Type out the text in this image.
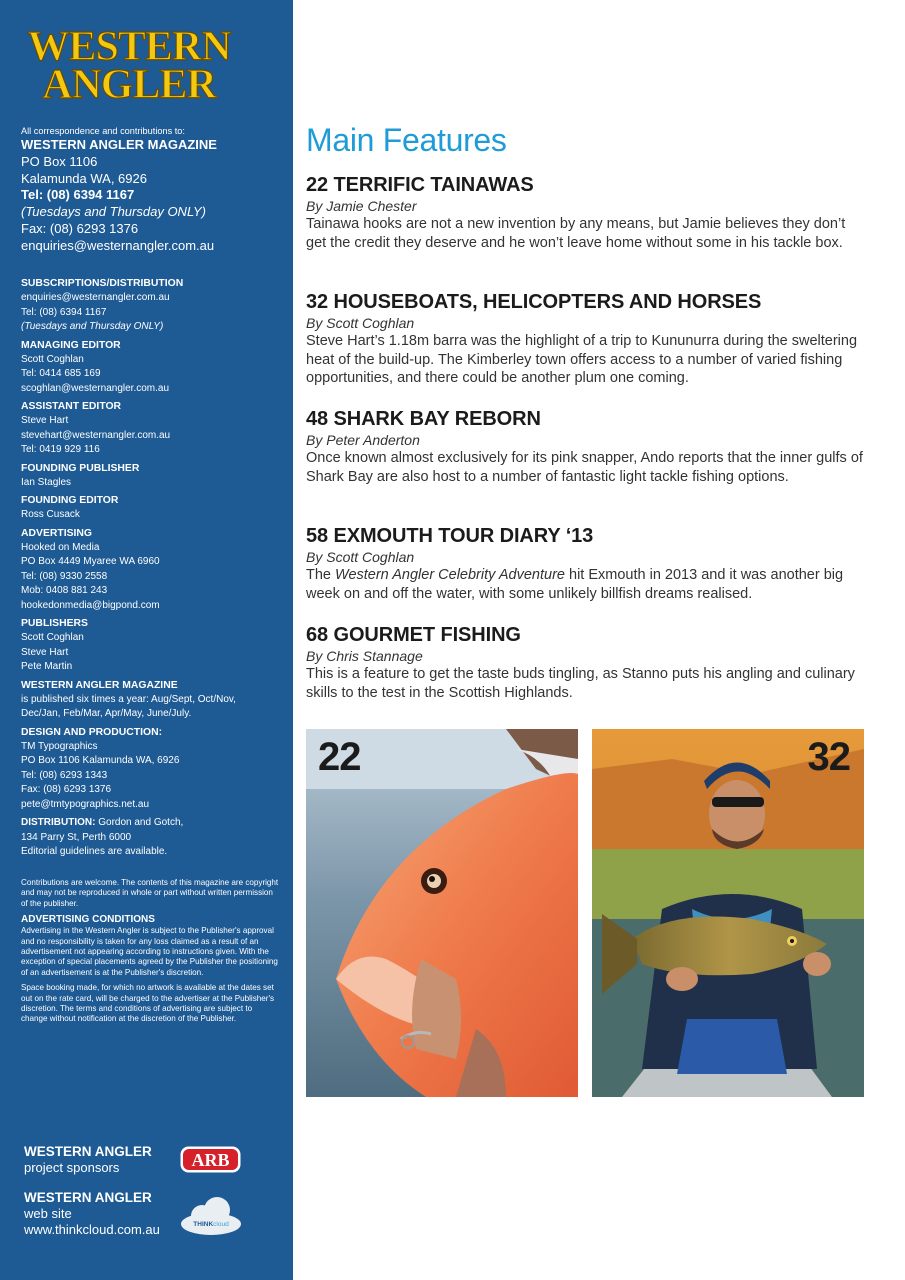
WESTERN
ANGLER
All correspondence and contributions to:
WESTERN ANGLER MAGAZINE
PO Box 1106
Kalamunda WA, 6926
Tel: (08) 6394 1167
(Tuesdays and Thursday ONLY)
Fax: (08) 6293 1376
enquiries@westernangler.com.au
SUBSCRIPTIONS/DISTRIBUTION
enquiries@westernangler.com.au
Tel: (08) 6394 1167
(Tuesdays and Thursday ONLY)
MANAGING EDITOR
Scott Coghlan
Tel: 0414 685 169
scoghlan@westernangler.com.au
ASSISTANT EDITOR
Steve Hart
stevehart@westernangler.com.au
Tel: 0419 929 116
FOUNDING PUBLISHER
Ian Stagles
FOUNDING EDITOR
Ross Cusack
ADVERTISING
Hooked on Media
PO Box 4449 Myaree WA 6960
Tel: (08) 9330 2558
Mob: 0408 881 243
hookedonmedia@bigpond.com
PUBLISHERS
Scott Coghlan
Steve Hart
Pete Martin
WESTERN ANGLER MAGAZINE
is published six times a year: Aug/Sept, Oct/Nov,
Dec/Jan, Feb/Mar, Apr/May, June/July.
DESIGN AND PRODUCTION:
TM Typographics
PO Box 1106 Kalamunda WA, 6926
Tel: (08) 6293 1343
Fax: (08) 6293 1376
pete@tmtypographics.net.au
DISTRIBUTION: Gordon and Gotch,
134 Parry St, Perth 6000
Editorial guidelines are available.

Contributions are welcome. The contents of this magazine are copyright and may not be reproduced in whole or part without written permission of the publisher.

ADVERTISING CONDITIONS

Advertising in the Western Angler is subject to the Publisher's approval and no responsibility is taken for any loss claimed as a result of an advertisement not appearing according to instructions given. With the exception of special placements agreed by the Publisher the positioning of an advertisement is at the Publisher's discretion.

Space booking made, for which no artwork is available at the dates set out on the rate card, will be charged to the advertiser at the Publisher's discretion. The terms and conditions of advertising are subject to change without notification at the discretion of the Publisher.

WESTERN ANGLER
project sponsors	ARB
WESTERN ANGLER
web site
www.thinkcloud.com.au	THINKcloud
Main Features
22 TERRIFIC TAINAWAS
By Jamie Chester
Tainawa hooks are not a new invention by any means, but Jamie believes they don’t get the credit they deserve and he won’t leave home without some in his tackle box.
32 HOUSEBOATS, HELICOPTERS AND HORSES
By Scott Coghlan
Steve Hart’s 1.18m barra was the highlight of a trip to Kununurra during the sweltering heat of the build-up. The Kimberley town offers access to a number of varied fishing opportunities, and there could be another plum one coming.
48 SHARK BAY REBORN
By Peter Anderton
Once known almost exclusively for its pink snapper, Ando reports that the inner gulfs of Shark Bay are also host to a number of fantastic light tackle fishing options.
58 EXMOUTH TOUR DIARY ‘13
By Scott Coghlan
The Western Angler Celebrity Adventure hit Exmouth in 2013 and it was another big week on and off the water, with some unlikely billfish dreams realised.
68 GOURMET FISHING
By Chris Stannage
This is a feature to get the taste buds tingling, as Stanno puts his angling and culinary skills to the test in the Scottish Highlands.
22	32
